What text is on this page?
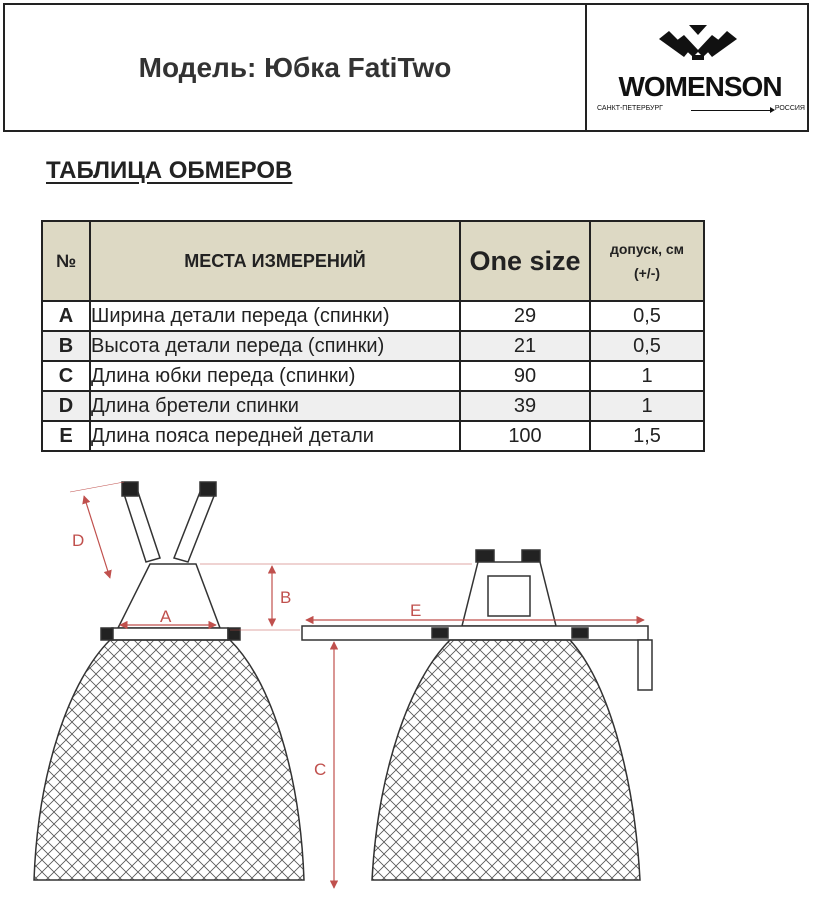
Модель: Юбка FatiTwo
WOMENSON
САНКТ-ПЕТЕРБУРГ	РОССИЯ
ТАБЛИЦА ОБМЕРОВ
№	МЕСТА ИЗМЕРЕНИЙ	One size	допуск, см
(+/-)

A	Ширина детали переда (спинки)	29	0,5
B	Высота детали переда (спинки)	21	0,5
C	Длина юбки переда (спинки)	90	1
D	Длина бретели спинки	39	1
E	Длина пояса передней детали	100	1,5
A
B
C
D
E
